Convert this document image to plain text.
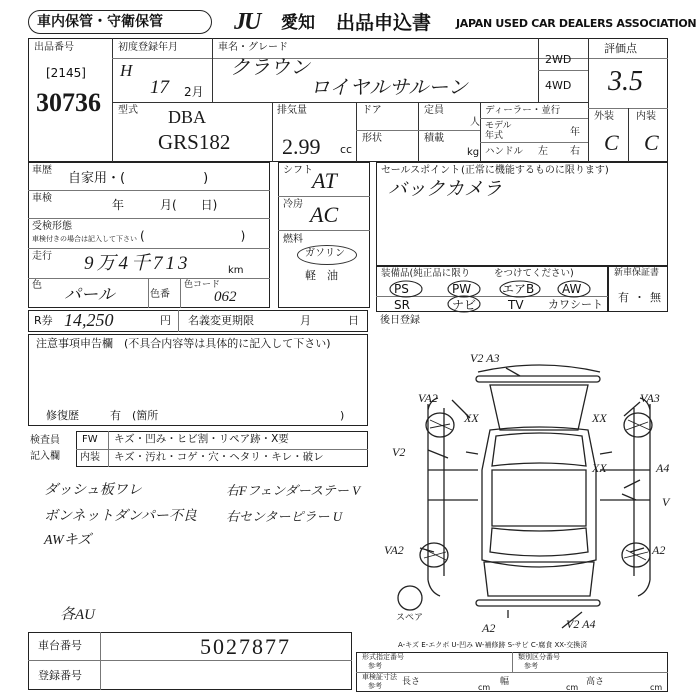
車内保管・守衛保管	JU 愛知 出品申込書 JAPAN USED CAR DEALERS ASSOCIATION
出品番号
[2145]
30736
初度登録年月
H
17 2月
車名・グレード
クラウン
ロイヤルサルーン
2WD
4WD
評価点
3.5
外装 内装
C C
型式 DBA
GRS182
排気量
2.99 cc
ドア
形状
定員
人
積載
kg
ディーラー・並行
モデル
年式	年
ハンドル 左 右
車歴
自家用・(　　　　　　)
車検	年　　　月(　　日)
受検形態
車検付きの場合は記入して下さい (　　　　　　　　)
走行 9万4千713	km
色 パール	色番
色コード
062
シフト AT
冷房 AC
燃料
ガソリン
軽　油
セールスポイント (正常に機能するものに限ります)
バックカメラ
装備品(純正品に限り	をつけてください)
PS	PW	エアB AW
SR	ナビ	TV カワシート
新車保証書
有 ・ 無
R券 14,250	円 名義変更期限	月	日 後日登録
注意事項申告欄 (不具合内容等は具体的に記入して下さい)
修復歴	有　(箇所	)
検査員
記入欄
FW キズ・凹み・ヒビ割・リペア跡・X要
内装 キズ・汚れ・コゲ・穴・ヘタリ・キレ・破レ
ダッシュ板ワレ
ボンネットダンパー不良
AWキズ
右Fフェンダーステー V
右センターピラー U
各AU
V2 A3
VA2	VA3
XX	XX
XX
V2
A4
V
VA2	A2
A2	V2 A4
スペア
A-キズ E-エクボ U-凹み W-補修跡 S-サビ C-腐食 XX-交換済
車台番号	5027877
登録番号
形式指定番号
参考
類別区分番号
参考
車検証寸法
参考 長さ
cm
幅
cm
高さ
cm
